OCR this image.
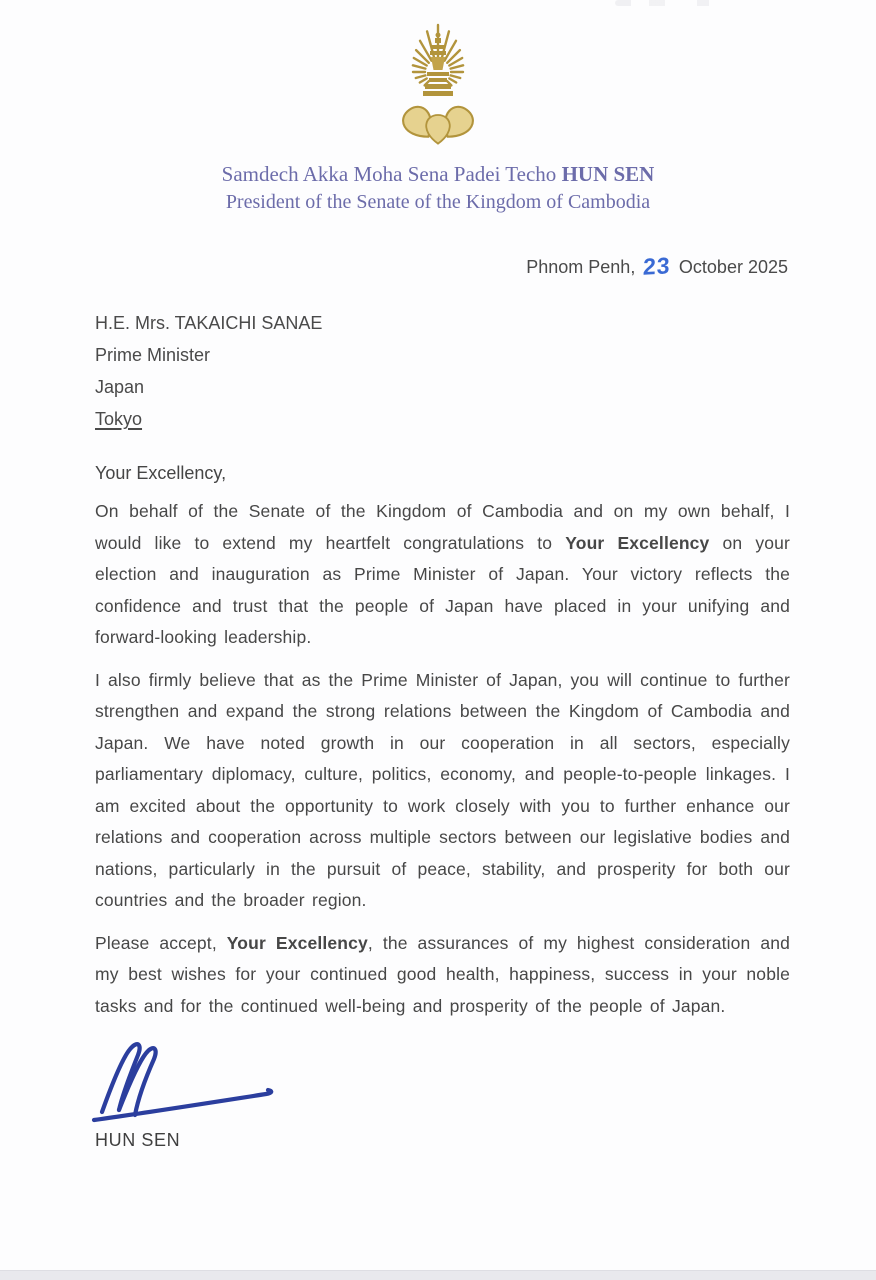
Samdech Akka Moha Sena Padei Techo HUN SEN
President of the Senate of the Kingdom of Cambodia
Phnom Penh, 23 October 2025
H.E. Mrs. TAKAICHI SANAE
Prime Minister
Japan
Tokyo
Your Excellency,

On behalf of the Senate of the Kingdom of Cambodia and on my own behalf, I would like to extend my heartfelt congratulations to Your Excellency on your election and inauguration as Prime Minister of Japan. Your victory reflects the confidence and trust that the people of Japan have placed in your unifying and forward-looking leadership.

I also firmly believe that as the Prime Minister of Japan, you will continue to further strengthen and expand the strong relations between the Kingdom of Cambodia and Japan. We have noted growth in our cooperation in all sectors, especially parliamentary diplomacy, culture, politics, economy, and people-to-people linkages. I am excited about the opportunity to work closely with you to further enhance our relations and cooperation across multiple sectors between our legislative bodies and nations, particularly in the pursuit of peace, stability, and prosperity for both our countries and the broader region.

Please accept, Your Excellency, the assurances of my highest consideration and my best wishes for your continued good health, happiness, success in your noble tasks and for the continued well-being and prosperity of the people of Japan.

HUN SEN
